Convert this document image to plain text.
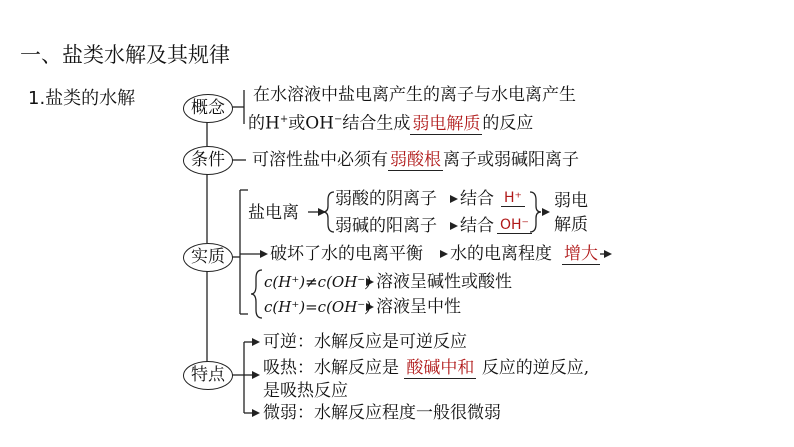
一、盐类水解及其规律
1.盐类的水解	概念
条件
实质
特点
在水溶液中盐电离产生的离子与水电离产生
的H+或OH−结合生成 弱电解质 的反应
可溶性盐中必须有 弱酸根 离子或弱碱阳离子
盐电离
弱酸的阴离子
弱碱的阳离子
结合
结合
H⁺
OH⁻
弱电
解质
破坏了水的电离平衡 水的电离程度 增大
c(H⁺)≠c(OH⁻) 溶液呈碱性或酸性
c(H⁺)=c(OH⁻) 溶液呈中性
可逆：水解反应是可逆反应
吸热：水解反应是 酸碱中和 反应的逆反应,
是吸热反应
微弱：水解反应程度一般很微弱
